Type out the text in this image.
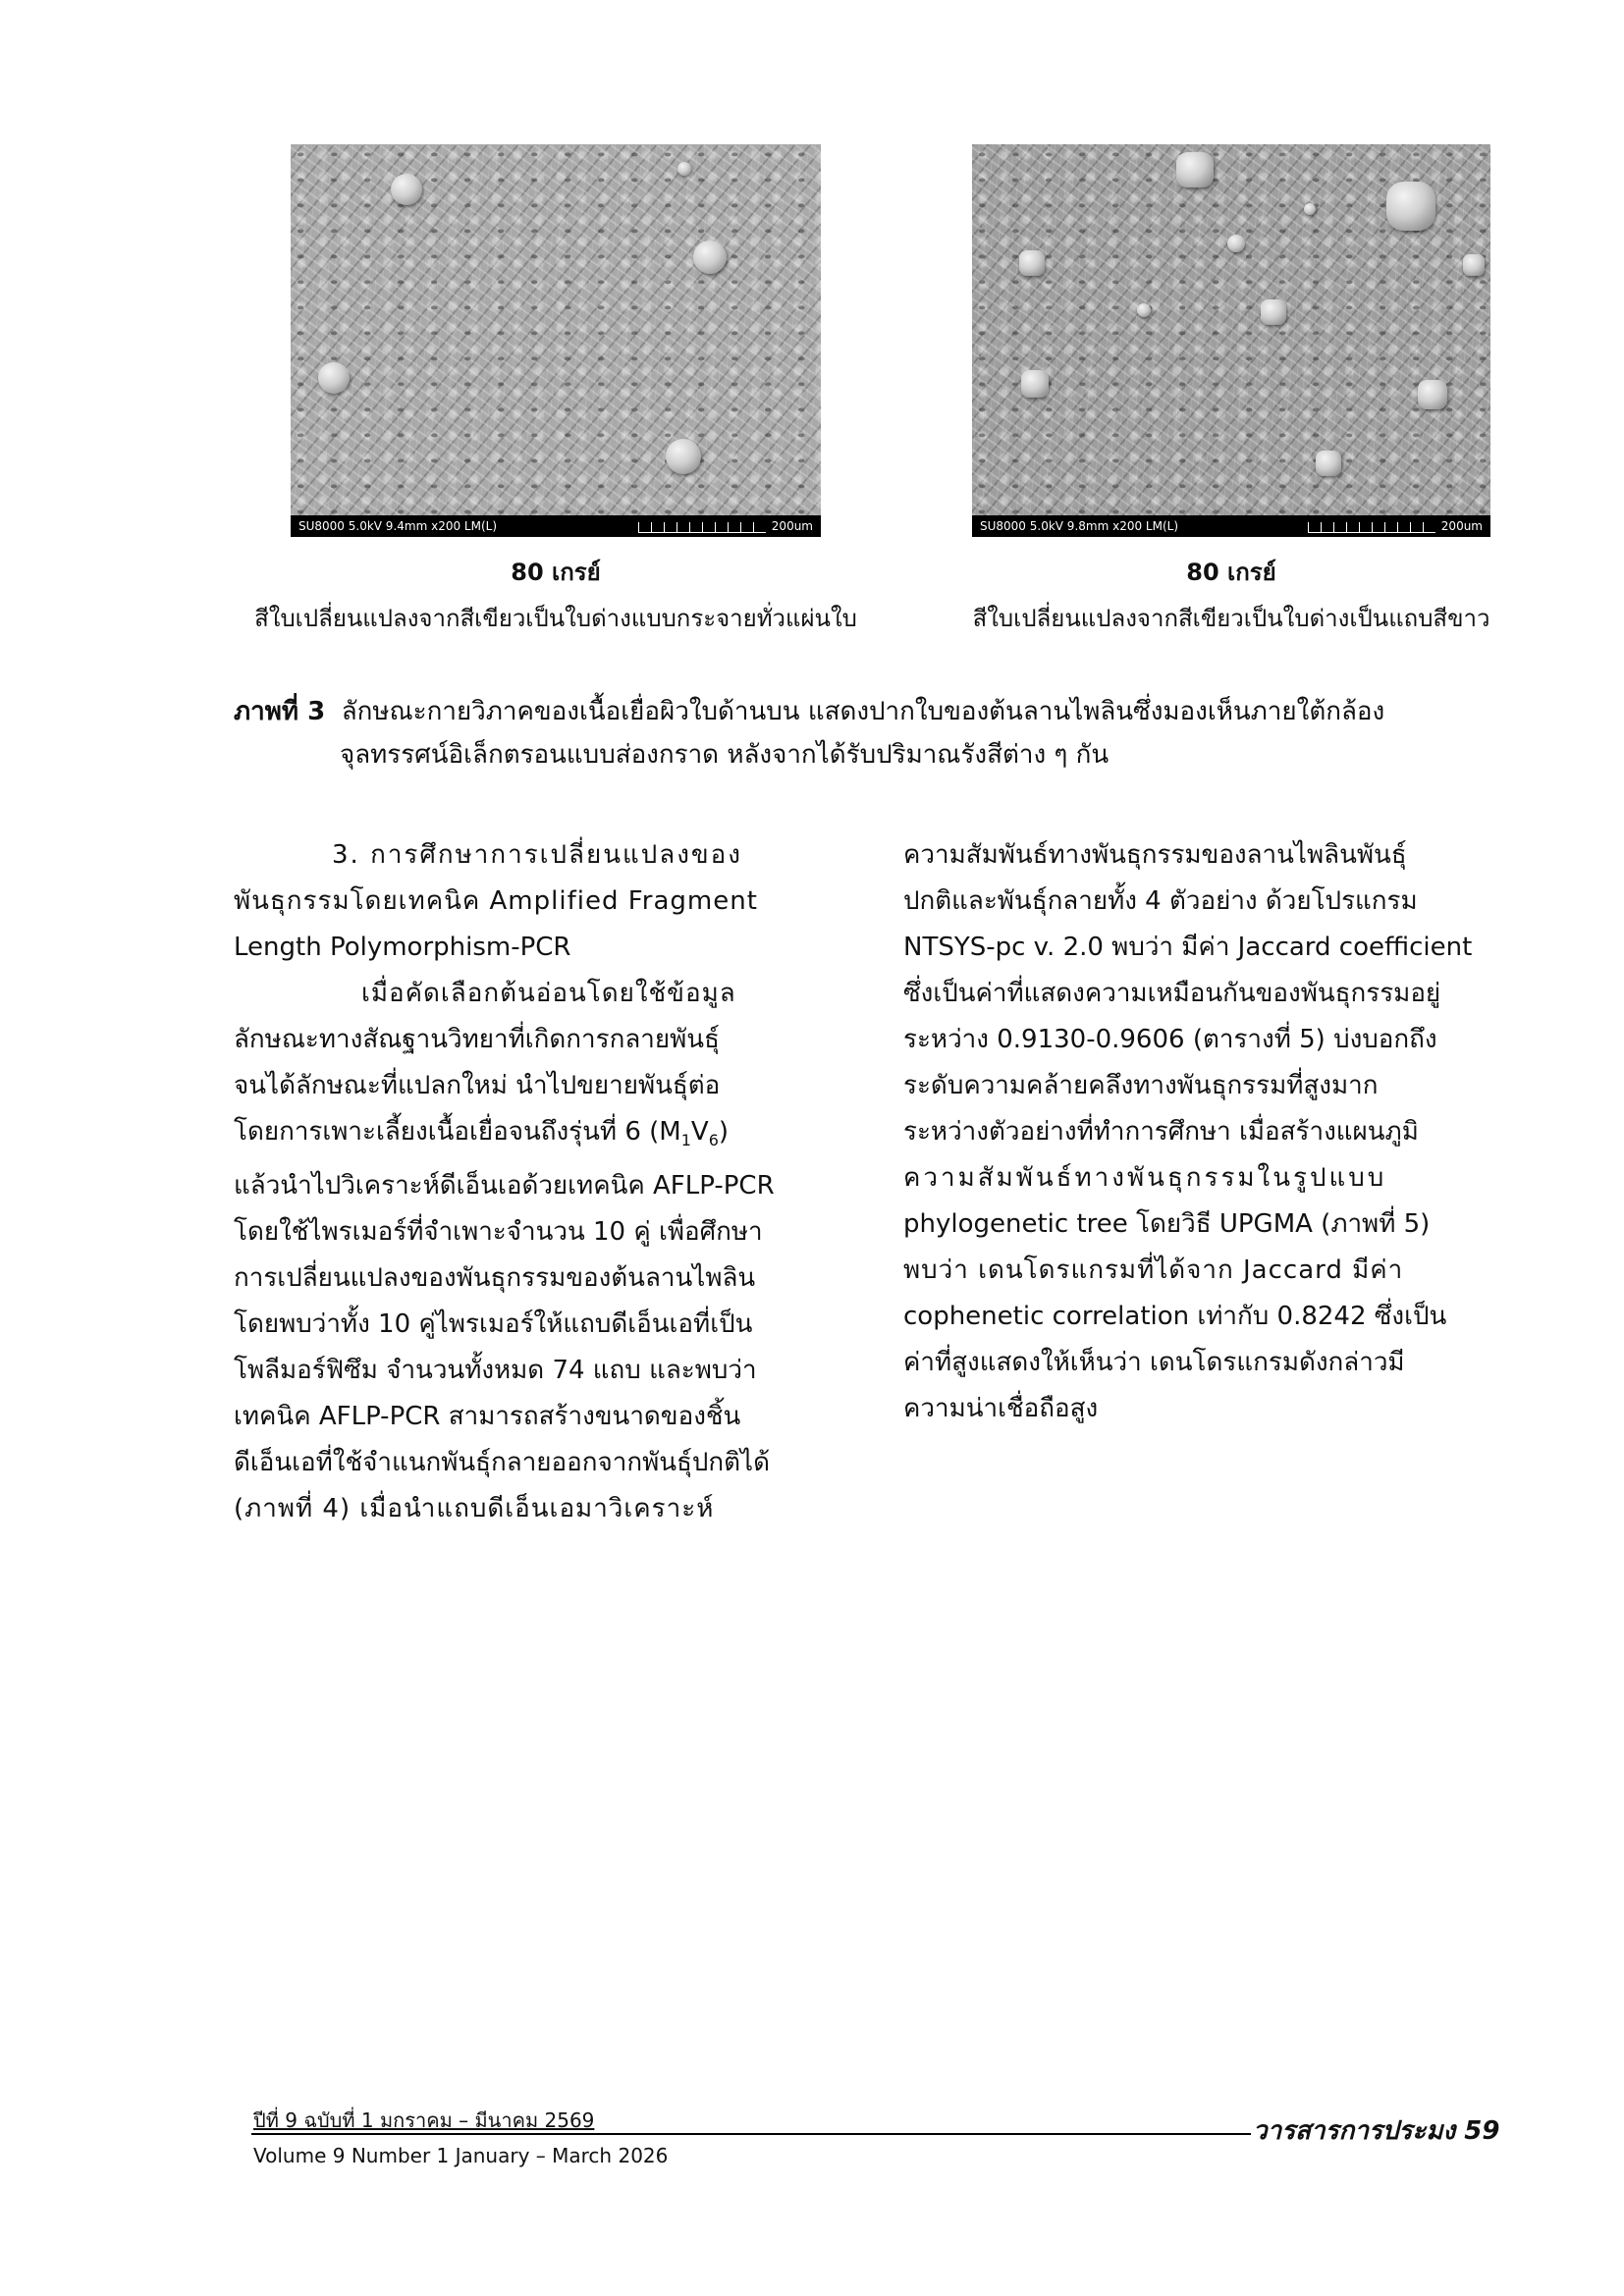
SU8000 5.0kV 9.4mm x200 LM(L)	200um	SU8000 5.0kV 9.8mm x200 LM(L)	200um
80 เกรย์	80 เกรย์
สีใบเปลี่ยนแปลงจากสีเขียวเป็นใบด่างแบบกระจายทั่วแผ่นใบ	สีใบเปลี่ยนแปลงจากสีเขียวเป็นใบด่างเป็นแถบสีขาว
ภาพที่ 3 ลักษณะกายวิภาคของเนื้อเยื่อผิวใบด้านบน แสดงปากใบของต้นลานไพลินซึ่งมองเห็นภายใต้กล้อง
จุลทรรศน์อิเล็กตรอนแบบส่องกราด หลังจากได้รับปริมาณรังสีต่าง ๆ กัน
3. การศึกษาการเปลี่ยนแปลงของ
พันธุกรรมโดยเทคนิค Amplified Fragment
Length Polymorphism-PCR
เมื่อคัดเลือกต้นอ่อนโดยใช้ข้อมูล
ลักษณะทางสัณฐานวิทยาที่เกิดการกลายพันธุ์
จนได้ลักษณะที่แปลกใหม่ นำไปขยายพันธุ์ต่อ
โดยการเพาะเลี้ยงเนื้อเยื่อจนถึงรุ่นที่ 6 $(M_1V_6)$
แล้วนำไปวิเคราะห์ดีเอ็นเอด้วยเทคนิค AFLP-PCR
โดยใช้ไพรเมอร์ที่จำเพาะจำนวน 10 คู่ เพื่อศึกษา
การเปลี่ยนแปลงของพันธุกรรมของต้นลานไพลิน
โดยพบว่าทั้ง 10 คู่ไพรเมอร์ให้แถบดีเอ็นเอที่เป็น
โพลีมอร์ฟิซึม จำนวนทั้งหมด 74 แถบ และพบว่า
เทคนิค AFLP-PCR สามารถสร้างขนาดของชิ้น
ดีเอ็นเอที่ใช้จำแนกพันธุ์กลายออกจากพันธุ์ปกติได้
(ภาพที่ 4) เมื่อนำแถบดีเอ็นเอมาวิเคราะห์
ความสัมพันธ์ทางพันธุกรรมของลานไพลินพันธุ์
ปกติและพันธุ์กลายทั้ง 4 ตัวอย่าง ด้วยโปรแกรม
NTSYS-pc v. 2.0 พบว่า มีค่า Jaccard coefficient
ซึ่งเป็นค่าที่แสดงความเหมือนกันของพันธุกรรมอยู่
ระหว่าง 0.9130-0.9606 (ตารางที่ 5) บ่งบอกถึง
ระดับความคล้ายคลึงทางพันธุกรรมที่สูงมาก
ระหว่างตัวอย่างที่ทำการศึกษา เมื่อสร้างแผนภูมิ
ความสัมพันธ์ทางพันธุกรรมในรูปแบบ
phylogenetic tree โดยวิธี UPGMA (ภาพที่ 5)
พบว่า เดนโดรแกรมที่ได้จาก Jaccard มีค่า
cophenetic correlation เท่ากับ 0.8242 ซึ่งเป็น
ค่าที่สูงแสดงให้เห็นว่า เดนโดรแกรมดังกล่าวมี
ความน่าเชื่อถือสูง
ปีที่ 9 ฉบับที่ 1 มกราคม – มีนาคม 2569
Volume 9 Number 1 January – March 2026
วารสารการประมง 59
